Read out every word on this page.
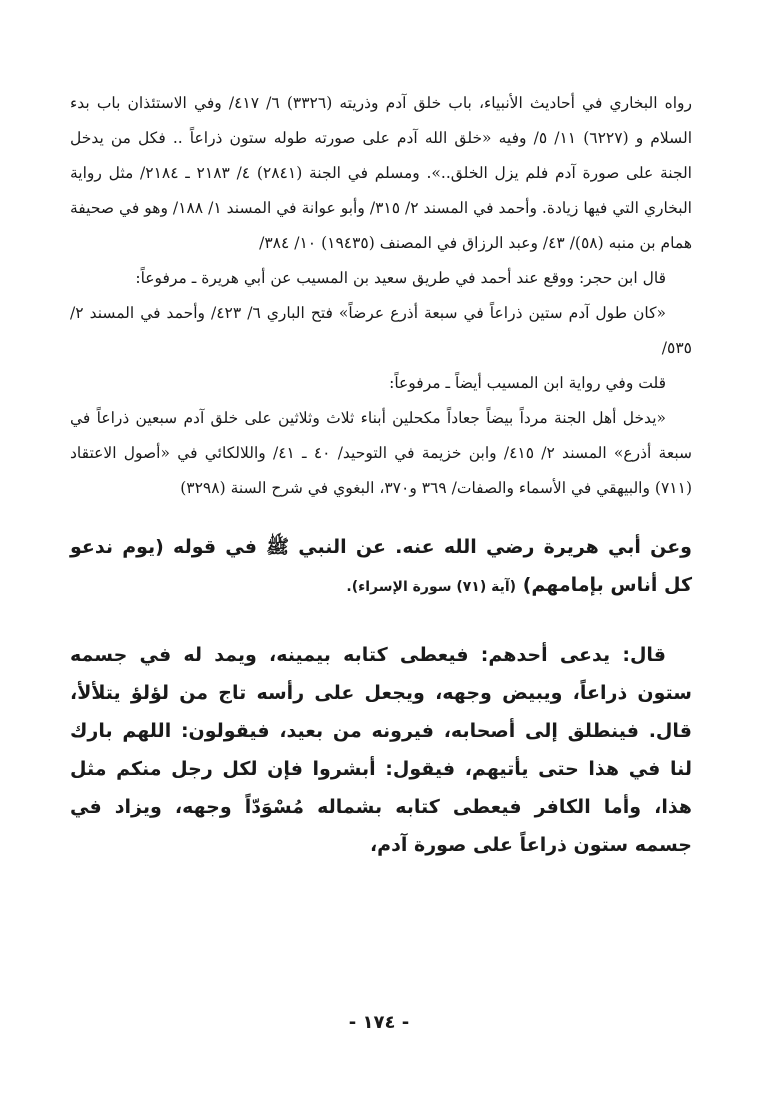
رواه البخاري في أحاديث الأنبياء، باب خلق آدم وذريته (٣٣٢٦) ٦/ ٤١٧/ وفي الاستئذان باب بدء السلام و (٦٢٢٧) ١١/ ٥/ وفيه «خلق الله آدم على صورته طوله ستون ذراعاً .. فكل من يدخل الجنة على صورة آدم فلم يزل الخلق..». ومسلم في الجنة (٢٨٤١) ٤/ ٢١٨٣ ـ ٢١٨٤/ مثل رواية البخاري التي فيها زيادة. وأحمد في المسند ٢/ ٣١٥/ وأبو عوانة في المسند ١/ ١٨٨/ وهو في صحيفة همام بن منبه (٥٨)/ ٤٣/ وعبد الرزاق في المصنف (١٩٤٣٥) ١٠/ ٣٨٤/

قال ابن حجر: ووقع عند أحمد في طريق سعيد بن المسيب عن أبي هريرة ـ مرفوعاً:

«كان طول آدم ستين ذراعاً في سبعة أذرع عرضاً» فتح الباري ٦/ ٤٢٣/ وأحمد في المسند ٢/ ٥٣٥/

قلت وفي رواية ابن المسيب أيضاً ـ مرفوعاً:

«يدخل أهل الجنة مرداً بيضاً جعاداً مكحلين أبناء ثلاث وثلاثين على خلق آدم سبعين ذراعاً في سبعة أذرع» المسند ٢/ ٤١٥/ وابن خزيمة في التوحيد/ ٤٠ ـ ٤١/ واللالكائي في «أصول الاعتقاد (٧١١) والبيهقي في الأسماء والصفات/ ٣٦٩ و٣٧٠، البغوي في شرح السنة (٣٢٩٨)

وعن أبي هريرة رضي الله عنه. عن النبي ﷺ في قوله (يوم ندعو كل أناس بإمامهم) (آية (٧١) سورة الإسراء).

قال: يدعى أحدهم: فيعطى كتابه بيمينه، ويمد له في جسمه ستون ذراعاً، ويبيض وجهه، ويجعل على رأسه تاج من لؤلؤ يتلألأ، قال. فينطلق إلى أصحابه، فيرونه من بعيد، فيقولون: اللهم بارك لنا في هذا حتى يأتيهم، فيقول: أبشروا فإن لكل رجل منكم مثل هذا، وأما الكافر فيعطى كتابه بشماله مُسْوَدّاً وجهه، ويزاد في جسمه ستون ذراعاً على صورة آدم،

- ١٧٤ -
